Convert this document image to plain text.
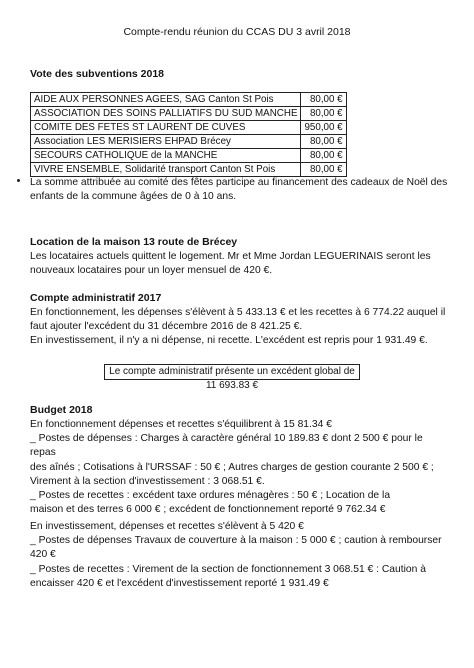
Compte-rendu réunion du CCAS DU 3 avril 2018
Vote des subventions 2018
AIDE AUX PERSONNES AGEES, SAG Canton St Pois	80,00 €
ASSOCIATION DES SOINS PALLIATIFS DU SUD MANCHE	80,00 €
COMITE DES FETES ST LAURENT DE CUVES	950,00 €
Association LES MERISIERS EHPAD Brécey	80,00 €
SECOURS CATHOLIQUE de la MANCHE	80,00 €
VIVRE ENSEMBLE, Solidarité transport Canton St Pois	80,00 €
La somme attribuée au comité des fêtes participe au financement des cadeaux de Noël des
enfants de la commune âgées de 0 à 10 ans.
Location de la maison 13 route de Brécey
Les locataires actuels quittent le logement. Mr et Mme Jordan LEGUERINAIS seront les
nouveaux locataires pour un loyer mensuel de 420 €.
Compte administratif 2017
En fonctionnement, les dépenses s'élèvent à 5 433.13 € et les recettes à 6 774.22 auquel il
faut ajouter l'excédent du 31 décembre 2016 de 8 421.25 €.
En investissement, il n'y a ni dépense, ni recette. L'excédent est repris pour 1 931.49 €.
Le compte administratif présente un excédent global de 11 693.83 €
Budget 2018
En fonctionnement dépenses et recettes s'équilibrent à 15 81.34 €
_ Postes de dépenses : Charges à caractère général 10 189.83 € dont 2 500 € pour le repas
des aînés ; Cotisations à l'URSSAF : 50 € ; Autres charges de gestion courante 2 500 € ;
Virement à la section d'investissement : 3 068.51 €.
_ Postes de recettes : excédent taxe ordures ménagères : 50 € ; Location de la
maison et des terres 6 000 € ; excédent de fonctionnement reporté 9 762.34 €
En investissement, dépenses et recettes s'élèvent à 5 420 €
_ Postes de dépenses Travaux de couverture à la maison : 5 000 € ; caution à rembourser
420 €
_ Postes de recettes : Virement de la section de fonctionnement 3 068.51 € : Caution à
encaisser 420 € et l'excédent d'investissement reporté 1 931.49 €
